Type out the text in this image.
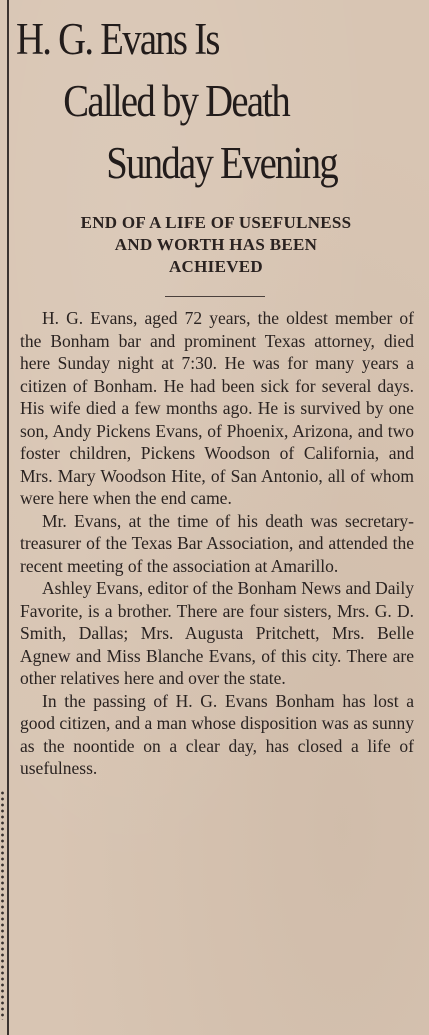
H. G. Evans Is
Called by Death
Sunday Evening
END OF A LIFE OF USEFULNESS
AND WORTH HAS BEEN
ACHIEVED

H. G. Evans, aged 72 years, the oldest member of the Bonham bar and prominent Texas attorney, died here Sunday night at 7:30. He was for many years a citizen of Bonham. He had been sick for several days. His wife died a few months ago. He is survived by one son, Andy Pickens Evans, of Phoenix, Arizona, and two foster children, Pickens Woodson of California, and Mrs. Mary Woodson Hite, of San Antonio, all of whom were here when the end came.

Mr. Evans, at the time of his death was secretary-treasurer of the Texas Bar Association, and attended the recent meeting of the association at Amarillo.

Ashley Evans, editor of the Bonham News and Daily Favorite, is a brother. There are four sisters, Mrs. G. D. Smith, Dallas; Mrs. Augusta Pritchett, Mrs. Belle Agnew and Miss Blanche Evans, of this city. There are other relatives here and over the state.

In the passing of H. G. Evans Bonham has lost a good citizen, and a man whose disposition was as sunny as the noontide on a clear day, has closed a life of usefulness.
